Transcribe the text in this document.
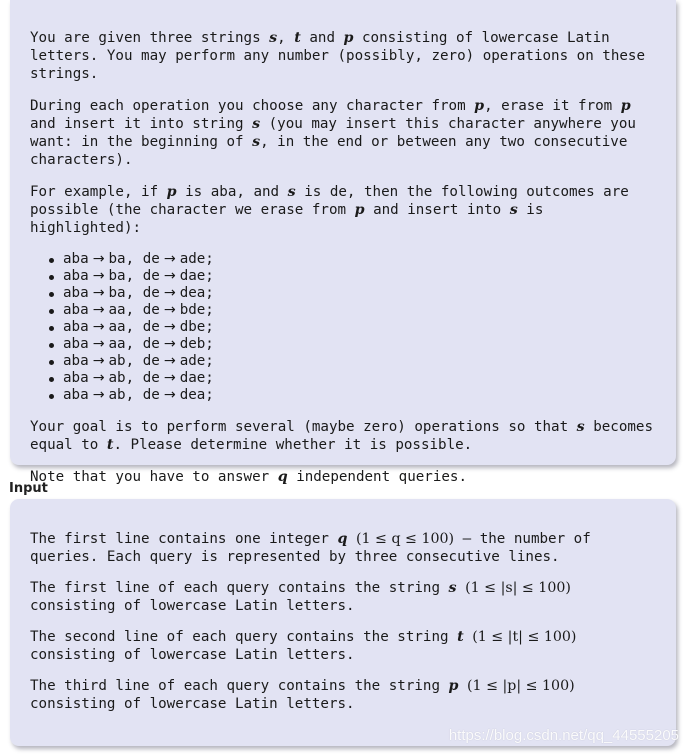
You are given three strings s, t and p consisting of lowercase Latin letters. You may perform any number (possibly, zero) operations on these strings.

During each operation you choose any character from p, erase it from p and insert it into string s (you may insert this character anywhere you want: in the beginning of s, in the end or between any two consecutive characters).

For example, if p is aba, and s is de, then the following outcomes are possible (the character we erase from p and insert into s is highlighted):

aba → ba, de → ade;
aba → ba, de → dae;
aba → ba, de → dea;
aba → aa, de → bde;
aba → aa, de → dbe;
aba → aa, de → deb;
aba → ab, de → ade;
aba → ab, de → dae;
aba → ab, de → dea;

Your goal is to perform several (maybe zero) operations so that s becomes equal to t. Please determine whether it is possible.

Note that you have to answer q independent queries.

Input

The first line contains one integer q (1 ≤ q ≤ 100) — the number of queries. Each query is represented by three consecutive lines.

The first line of each query contains the string s (1 ≤ |s| ≤ 100) consisting of lowercase Latin letters.

The second line of each query contains the string t (1 ≤ |t| ≤ 100) consisting of lowercase Latin letters.

The third line of each query contains the string p (1 ≤ |p| ≤ 100) consisting of lowercase Latin letters.

https://blog.csdn.net/qq_44555205
